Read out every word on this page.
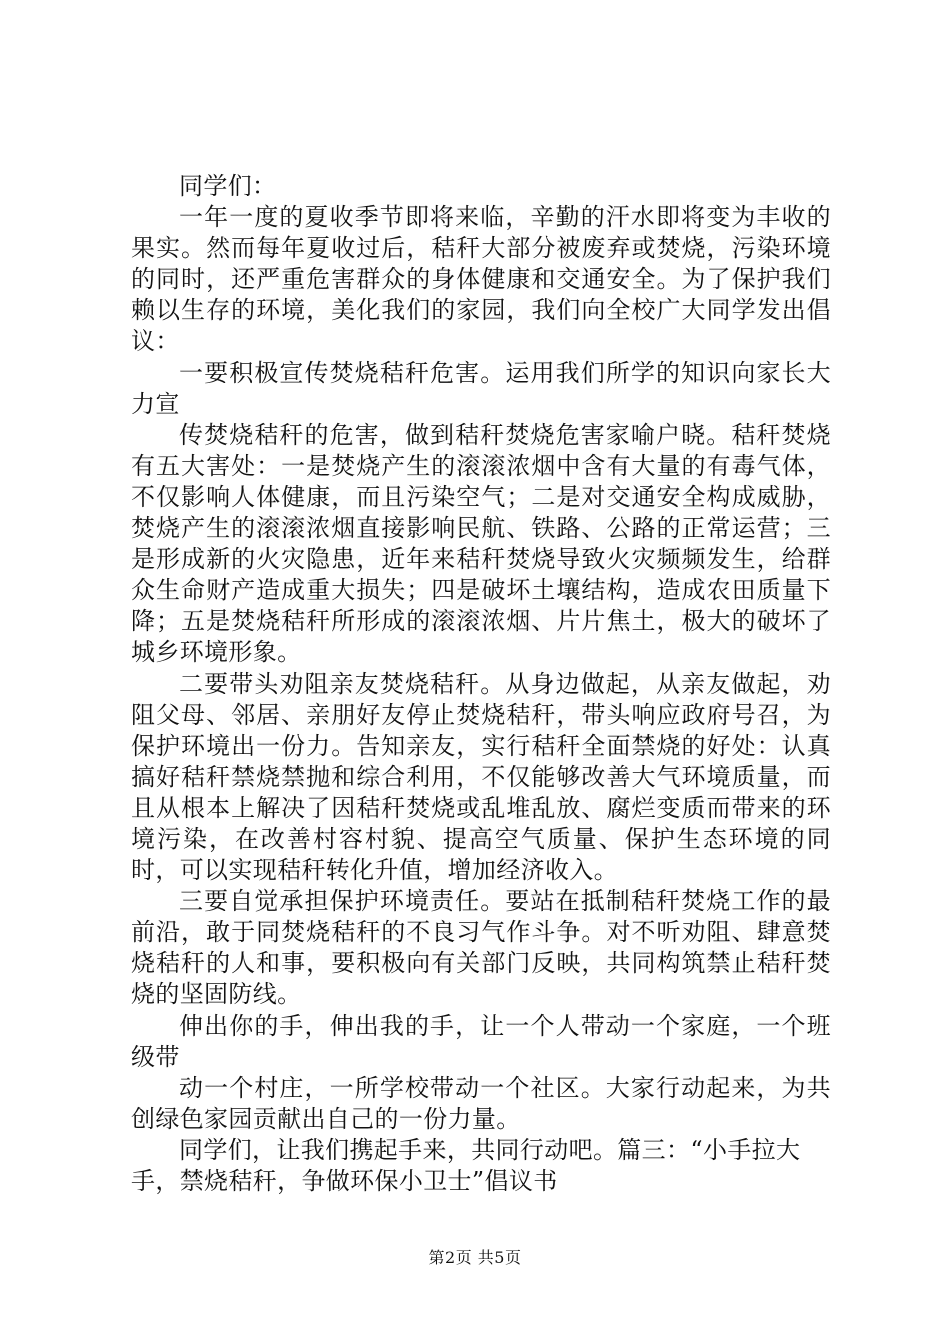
同学们：

一年一度的夏收季节即将来临，辛勤的汗水即将变为丰收的果实。然而每年夏收过后，秸秆大部分被废弃或焚烧，污染环境的同时，还严重危害群众的身体健康和交通安全。为了保护我们赖以生存的环境，美化我们的家园，我们向全校广大同学发出倡议：

一要积极宣传焚烧秸秆危害。运用我们所学的知识向家长大力宣

传焚烧秸秆的危害，做到秸秆焚烧危害家喻户晓。秸秆焚烧有五大害处：一是焚烧产生的滚滚浓烟中含有大量的有毒气体，不仅影响人体健康，而且污染空气；二是对交通安全构成威胁，焚烧产生的滚滚浓烟直接影响民航、铁路、公路的正常运营；三是形成新的火灾隐患，近年来秸秆焚烧导致火灾频频发生，给群众生命财产造成重大损失；四是破坏土壤结构，造成农田质量下降；五是焚烧秸秆所形成的滚滚浓烟、片片焦土，极大的破坏了城乡环境形象。

二要带头劝阻亲友焚烧秸秆。从身边做起，从亲友做起，劝阻父母、邻居、亲朋好友停止焚烧秸秆，带头响应政府号召，为保护环境出一份力。告知亲友，实行秸秆全面禁烧的好处：认真搞好秸秆禁烧禁抛和综合利用，不仅能够改善大气环境质量，而且从根本上解决了因秸秆焚烧或乱堆乱放、腐烂变质而带来的环境污染，在改善村容村貌、提高空气质量、保护生态环境的同时，可以实现秸秆转化升值，增加经济收入。

三要自觉承担保护环境责任。要站在抵制秸秆焚烧工作的最前沿，敢于同焚烧秸秆的不良习气作斗争。对不听劝阻、肆意焚烧秸秆的人和事，要积极向有关部门反映，共同构筑禁止秸秆焚烧的坚固防线。

伸出你的手，伸出我的手，让一个人带动一个家庭，一个班级带

动一个村庄，一所学校带动一个社区。大家行动起来，为共创绿色家园贡献出自己的一份力量。

同学们，让我们携起手来，共同行动吧。篇三：“小手拉大手，禁烧秸秆，争做环保小卫士”倡议书

第2页 共5页
